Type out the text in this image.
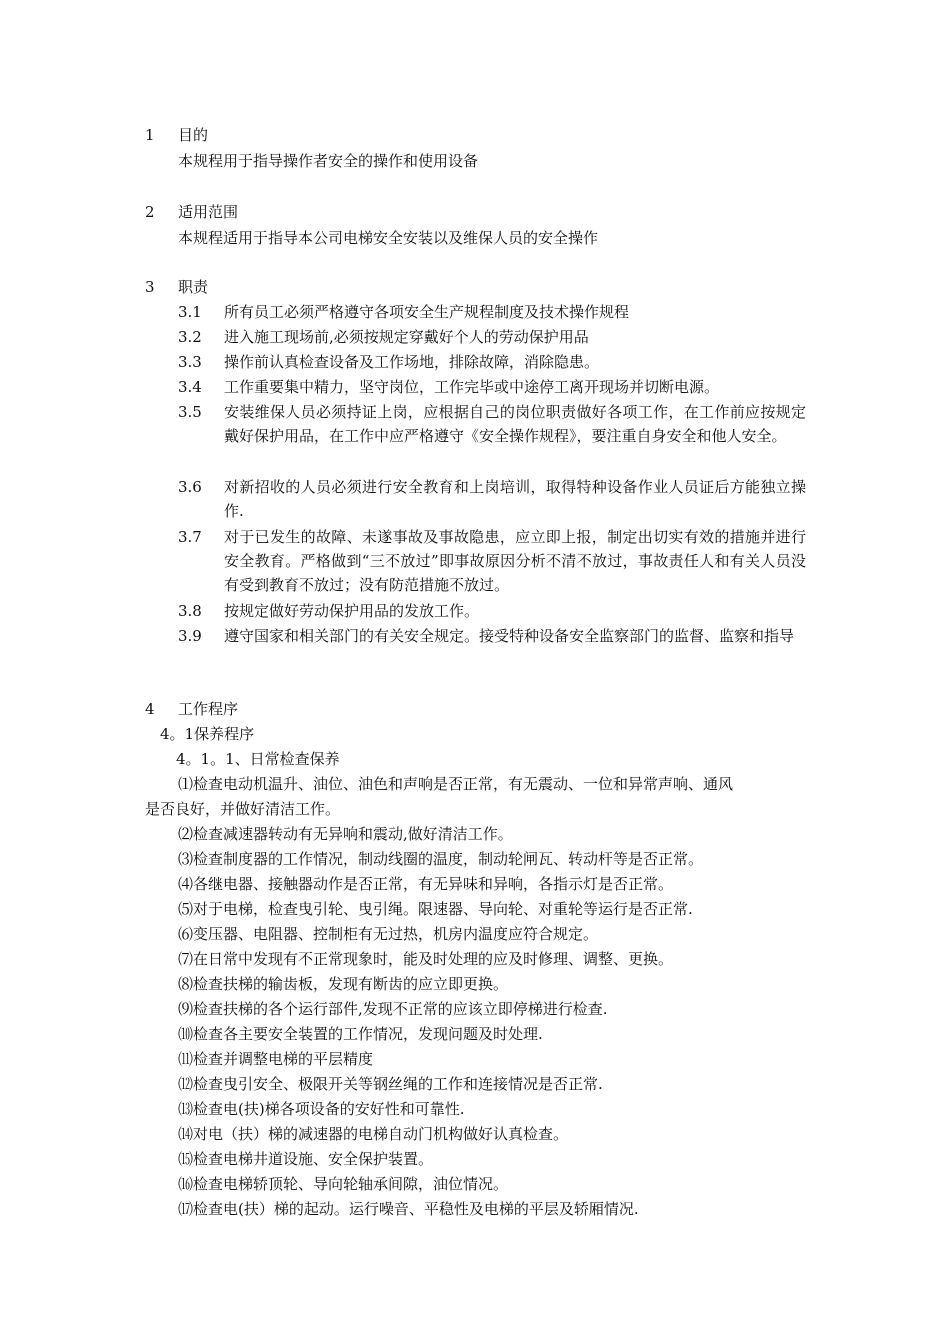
1 目的
本规程用于指导操作者安全的操作和使用设备
2 适用范围
本规程适用于指导本公司电梯安全安装以及维保人员的安全操作
3 职责
3.1 所有员工必须严格遵守各项安全生产规程制度及技术操作规程
3.2 进入施工现场前,必须按规定穿戴好个人的劳动保护用品
3.3 操作前认真检查设备及工作场地，排除故障，消除隐患。
3.4 工作重要集中精力，坚守岗位，工作完毕或中途停工离开现场并切断电源。
3.5 安装维保人员必须持证上岗，应根据自己的岗位职责做好各项工作，在工作前应按规定戴好保护用品，在工作中应严格遵守《安全操作规程》，要注重自身安全和他人安全。
3.6 对新招收的人员必须进行安全教育和上岗培训，取得特种设备作业人员证后方能独立操作.
3.7 对于已发生的故障、未遂事故及事故隐患，应立即上报，制定出切实有效的措施并进行安全教育。严格做到“三不放过”即事故原因分析不清不放过，事故责任人和有关人员没有受到教育不放过；没有防范措施不放过。
3.8 按规定做好劳动保护用品的发放工作。
3.9 遵守国家和相关部门的有关安全规定。接受特种设备安全监察部门的监督、监察和指导
4 工作程序
4。1保养程序
4。1。1、日常检查保养
⑴检查电动机温升、油位、油色和声响是否正常，有无震动、一位和异常声响、通风
是否良好，并做好清洁工作。
⑵检查减速器转动有无异响和震动,做好清洁工作。
⑶检查制度器的工作情况，制动线圈的温度，制动轮闸瓦、转动杆等是否正常。
⑷各继电器、接触器动作是否正常，有无异味和异响，各指示灯是否正常。
⑸对于电梯，检查曳引轮、曳引绳。限速器、导向轮、对重轮等运行是否正常.
⑹变压器、电阻器、控制柜有无过热，机房内温度应符合规定。
⑺在日常中发现有不正常现象时，能及时处理的应及时修理、调整、更换。
⑻检查扶梯的输齿板，发现有断齿的应立即更换。
⑼检查扶梯的各个运行部件,发现不正常的应该立即停梯进行检查.
⑽检查各主要安全装置的工作情况，发现问题及时处理.
⑾检查并调整电梯的平层精度
⑿检查曳引安全、极限开关等钢丝绳的工作和连接情况是否正常.
⒀检查电(扶)梯各项设备的安好性和可靠性.
⒁对电（扶）梯的减速器的电梯自动门机构做好认真检查。
⒂检查电梯井道设施、安全保护装置。
⒃检查电梯轿顶轮、导向轮轴承间隙，油位情况。
⒄检查电(扶）梯的起动。运行噪音、平稳性及电梯的平层及轿厢情况.
